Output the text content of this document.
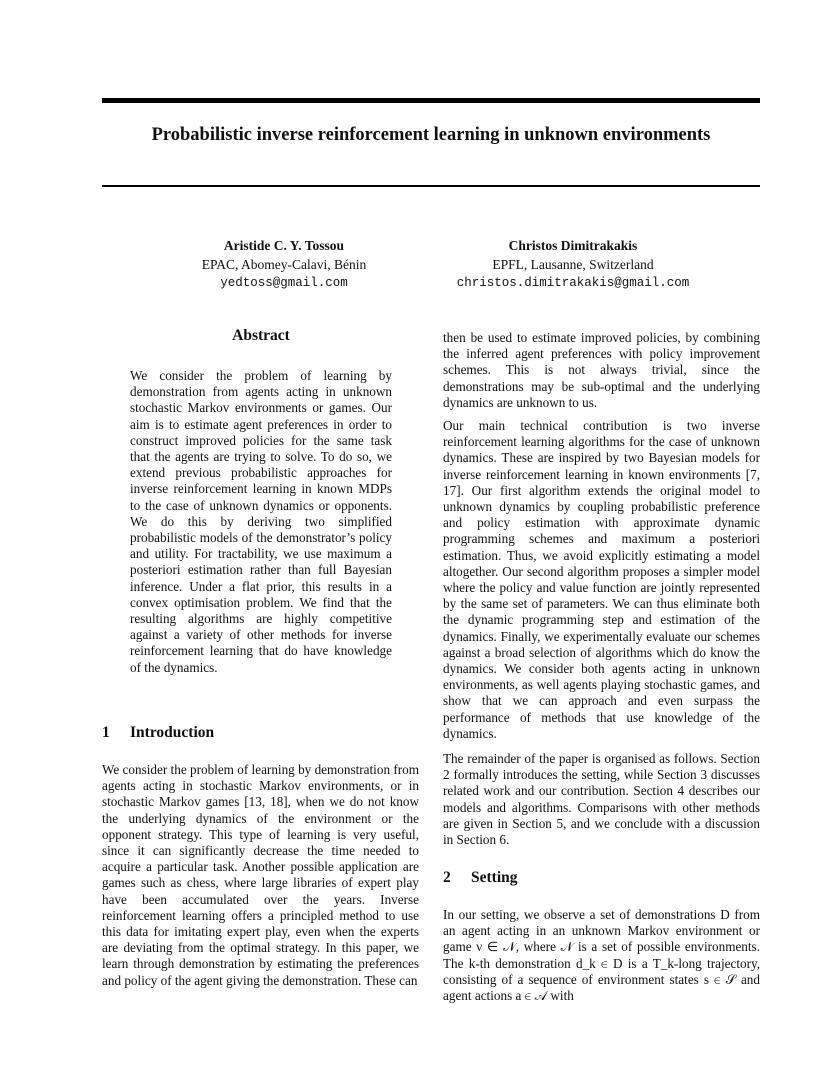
Probabilistic inverse reinforcement learning in unknown environments
Aristide C. Y. Tossou
EPAC, Abomey-Calavi, Bénin
yedtoss@gmail.com
Christos Dimitrakakis
EPFL, Lausanne, Switzerland
christos.dimitrakakis@gmail.com
Abstract
We consider the problem of learning by demonstration from agents acting in unknown stochastic Markov environments or games. Our aim is to estimate agent preferences in order to construct improved policies for the same task that the agents are trying to solve. To do so, we extend previous probabilistic approaches for inverse reinforcement learning in known MDPs to the case of unknown dynamics or opponents. We do this by deriving two simplified probabilistic models of the demonstrator’s policy and utility. For tractability, we use maximum a posteriori estimation rather than full Bayesian inference. Under a flat prior, this results in a convex optimisation problem. We find that the resulting algorithms are highly competitive against a variety of other methods for inverse reinforcement learning that do have knowledge of the dynamics.
1 Introduction
We consider the problem of learning by demonstration from agents acting in stochastic Markov environments, or in stochastic Markov games [13, 18], when we do not know the underlying dynamics of the environment or the opponent strategy. This type of learning is very useful, since it can significantly decrease the time needed to acquire a particular task. Another possible application are games such as chess, where large libraries of expert play have been accumulated over the years. Inverse reinforcement learning offers a principled method to use this data for imitating expert play, even when the experts are deviating from the optimal strategy. In this paper, we learn through demonstration by estimating the preferences and policy of the agent giving the demonstration. These can
then be used to estimate improved policies, by combining the inferred agent preferences with policy improvement schemes. This is not always trivial, since the demonstrations may be sub-optimal and the underlying dynamics are unknown to us.
Our main technical contribution is two inverse reinforcement learning algorithms for the case of unknown dynamics. These are inspired by two Bayesian models for inverse reinforcement learning in known environments [7, 17]. Our first algorithm extends the original model to unknown dynamics by coupling probabilistic preference and policy estimation with approximate dynamic programming schemes and maximum a posteriori estimation. Thus, we avoid explicitly estimating a model altogether. Our second algorithm proposes a simpler model where the policy and value function are jointly represented by the same set of parameters. We can thus eliminate both the dynamic programming step and estimation of the dynamics. Finally, we experimentally evaluate our schemes against a broad selection of algorithms which do know the dynamics. We consider both agents acting in unknown environments, as well agents playing stochastic games, and show that we can approach and even surpass the performance of methods that use knowledge of the dynamics.
The remainder of the paper is organised as follows. Section 2 formally introduces the setting, while Section 3 discusses related work and our contribution. Section 4 describes our models and algorithms. Comparisons with other methods are given in Section 5, and we conclude with a discussion in Section 6.
2 Setting
In our setting, we observe a set of demonstrations D from an agent acting in an unknown Markov environment or game ν ∈ 𝒩, where 𝒩 is a set of possible environments. The k-th demonstration d_k ∈ D is a T_k-long trajectory, consisting of a sequence of environment states s ∈ 𝒮 and agent actions a ∈ 𝒜 with
